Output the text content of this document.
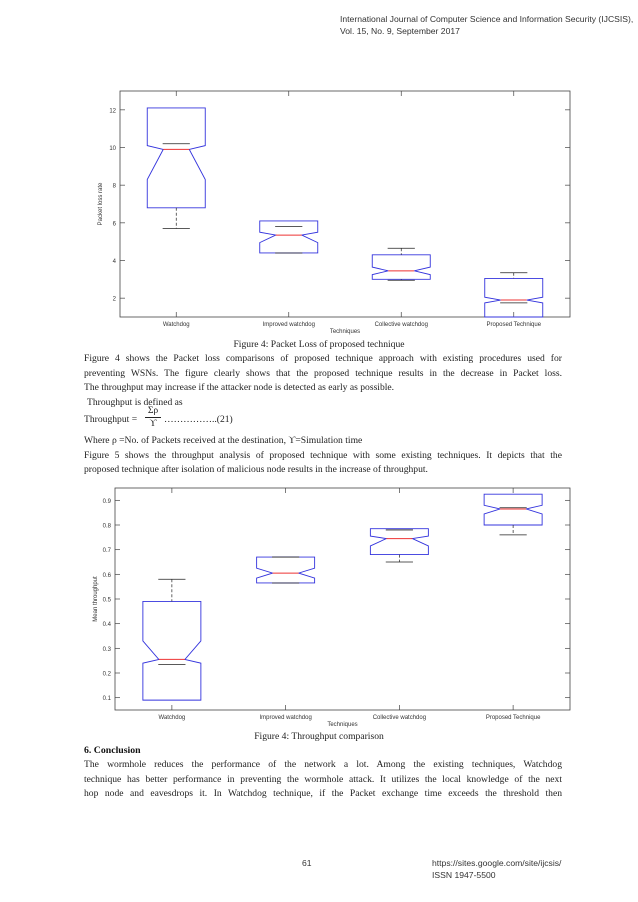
International Journal of Computer Science and Information Security (IJCSIS),
Vol. 15, No. 9, September 2017
2
4
6
8
10
12
Watchdog	Improved watchdog	Collective watchdog	Proposed Technique
Techniques
Packet loss rate
Figure 4: Packet Loss of proposed technique
Figure 4 shows the Packet loss comparisons of proposed technique approach with existing procedures used for
preventing WSNs. The figure clearly shows that the proposed technique results in the decrease in Packet loss.
The throughput may increase if the attacker node is detected as early as possible.
Throughput is defined as
Throughput = $\frac{\Sigma\rho}{ϒ}$ ……………..(21)
Where ρ =No. of Packets received at the destination, ϒ=Simulation time
Figure 5 shows the throughput analysis of proposed technique with some existing techniques. It depicts that the
proposed technique after isolation of malicious node results in the increase of throughput.
0.1
0.2
0.3
0.4
0.5
0.6
0.7
0.8
0.9
Watchdog	Improved watchdog	Collective watchdog	Proposed Technique
Techniques
Mean throughput
Figure 4: Throughput comparison
6. Conclusion
The wormhole reduces the performance of the network a lot. Among the existing techniques, Watchdog
technique has better performance in preventing the wormhole attack. It utilizes the local knowledge of the next
hop node and eavesdrops it. In Watchdog technique, if the Packet exchange time exceeds the threshold then
61	https://sites.google.com/site/ijcsis/
ISSN 1947-5500
